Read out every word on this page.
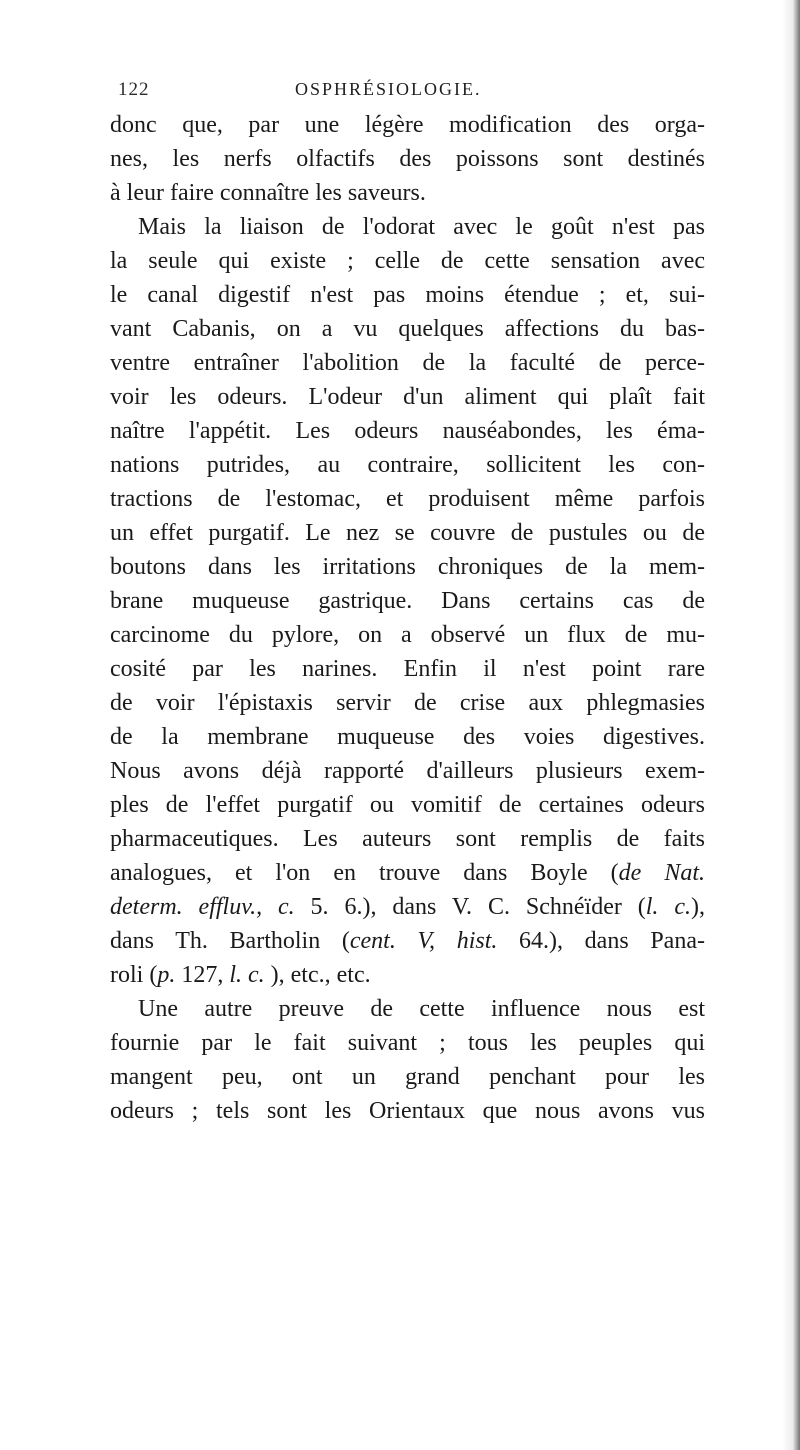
122	OSPHRÉSIOLOGIE.
donc que, par une légère modification des orga-
nes, les nerfs olfactifs des poissons sont destinés
à leur faire connaître les saveurs.
Mais la liaison de l'odorat avec le goût n'est pas
la seule qui existe ; celle de cette sensation avec
le canal digestif n'est pas moins étendue ; et, sui-
vant Cabanis, on a vu quelques affections du bas-
ventre entraîner l'abolition de la faculté de perce-
voir les odeurs. L'odeur d'un aliment qui plaît fait
naître l'appétit. Les odeurs nauséabondes, les éma-
nations putrides, au contraire, sollicitent les con-
tractions de l'estomac, et produisent même parfois
un effet purgatif. Le nez se couvre de pustules ou de
boutons dans les irritations chroniques de la mem-
brane muqueuse gastrique. Dans certains cas de
carcinome du pylore, on a observé un flux de mu-
cosité par les narines. Enfin il n'est point rare
de voir l'épistaxis servir de crise aux phlegmasies
de la membrane muqueuse des voies digestives.
Nous avons déjà rapporté d'ailleurs plusieurs exem-
ples de l'effet purgatif ou vomitif de certaines odeurs
pharmaceutiques. Les auteurs sont remplis de faits
analogues, et l'on en trouve dans Boyle (de Nat.
determ. effluv., c. 5. 6.), dans V. C. Schnéïder (l. c.),
dans Th. Bartholin (cent. V, hist. 64.), dans Pana-
roli (p. 127, l. c. ), etc., etc.
Une autre preuve de cette influence nous est
fournie par le fait suivant ; tous les peuples qui
mangent peu, ont un grand penchant pour les
odeurs ; tels sont les Orientaux que nous avons vus
